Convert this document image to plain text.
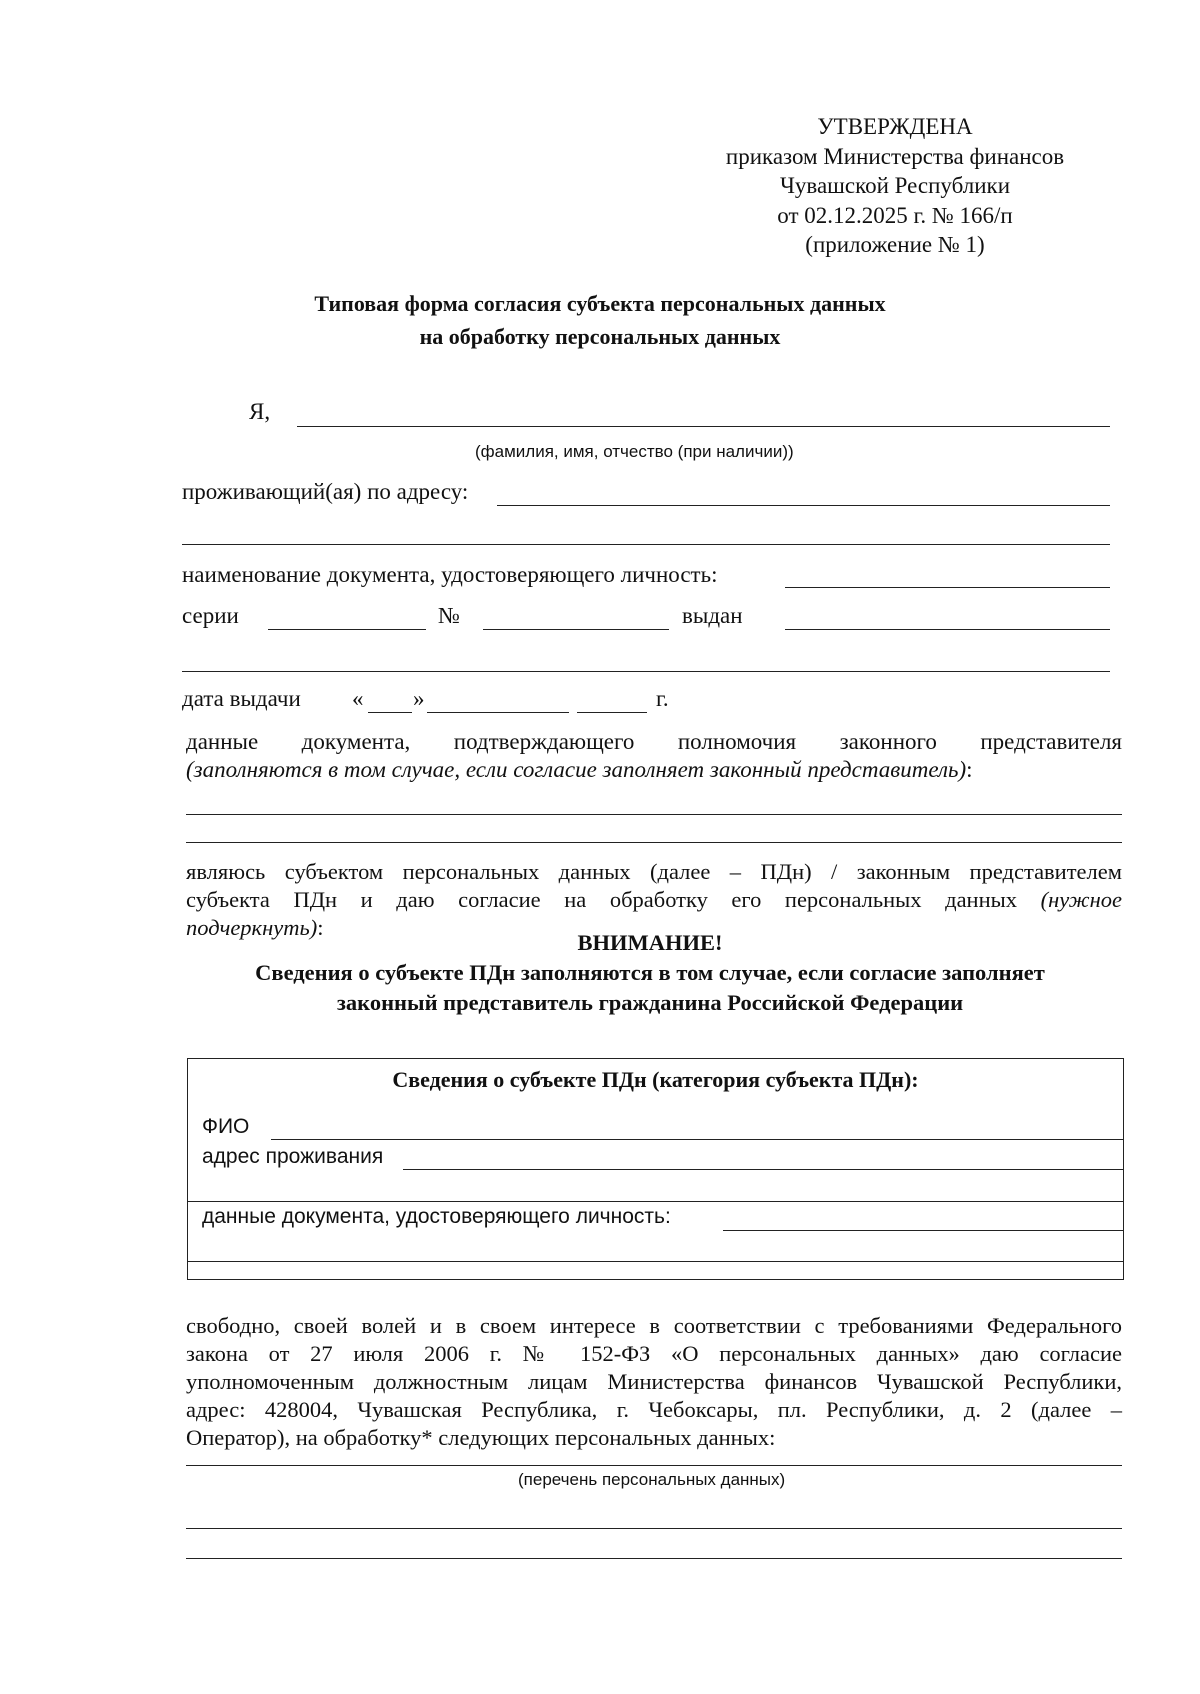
УТВЕРЖДЕНА
приказом Министерства финансов
Чувашской Республики
от 02.12.2025 г. № 166/п
(приложение № 1)
Типовая форма согласия субъекта персональных данных
на обработку персональных данных
Я,
(фамилия, имя, отчество (при наличии))
проживающий(ая) по адресу:
наименование документа, удостоверяющего личность:
серии	№	выдан
дата выдачи « »	г.
данные документа, подтверждающего полномочия законного представителя
(заполняются в том случае, если согласие заполняет законный представитель):
являюсь субъектом персональных данных (далее – ПДн) / законным представителем
субъекта ПДн и даю согласие на обработку его персональных данных (нужное
подчеркнуть):
ВНИМАНИЕ!
Сведения о субъекте ПДн заполняются в том случае, если согласие заполняет
законный представитель гражданина Российской Федерации
Сведения о субъекте ПДн (категория субъекта ПДн):
ФИО
адрес проживания
данные документа, удостоверяющего личность:
свободно, своей волей и в своем интересе в соответствии с требованиями Федерального
закона от 27 июля 2006 г. № 152-ФЗ «О персональных данных» даю согласие
уполномоченным должностным лицам Министерства финансов Чувашской Республики,
адрес: 428004, Чувашская Республика, г. Чебоксары, пл. Республики, д. 2 (далее –
Оператор), на обработку* следующих персональных данных:
(перечень персональных данных)
